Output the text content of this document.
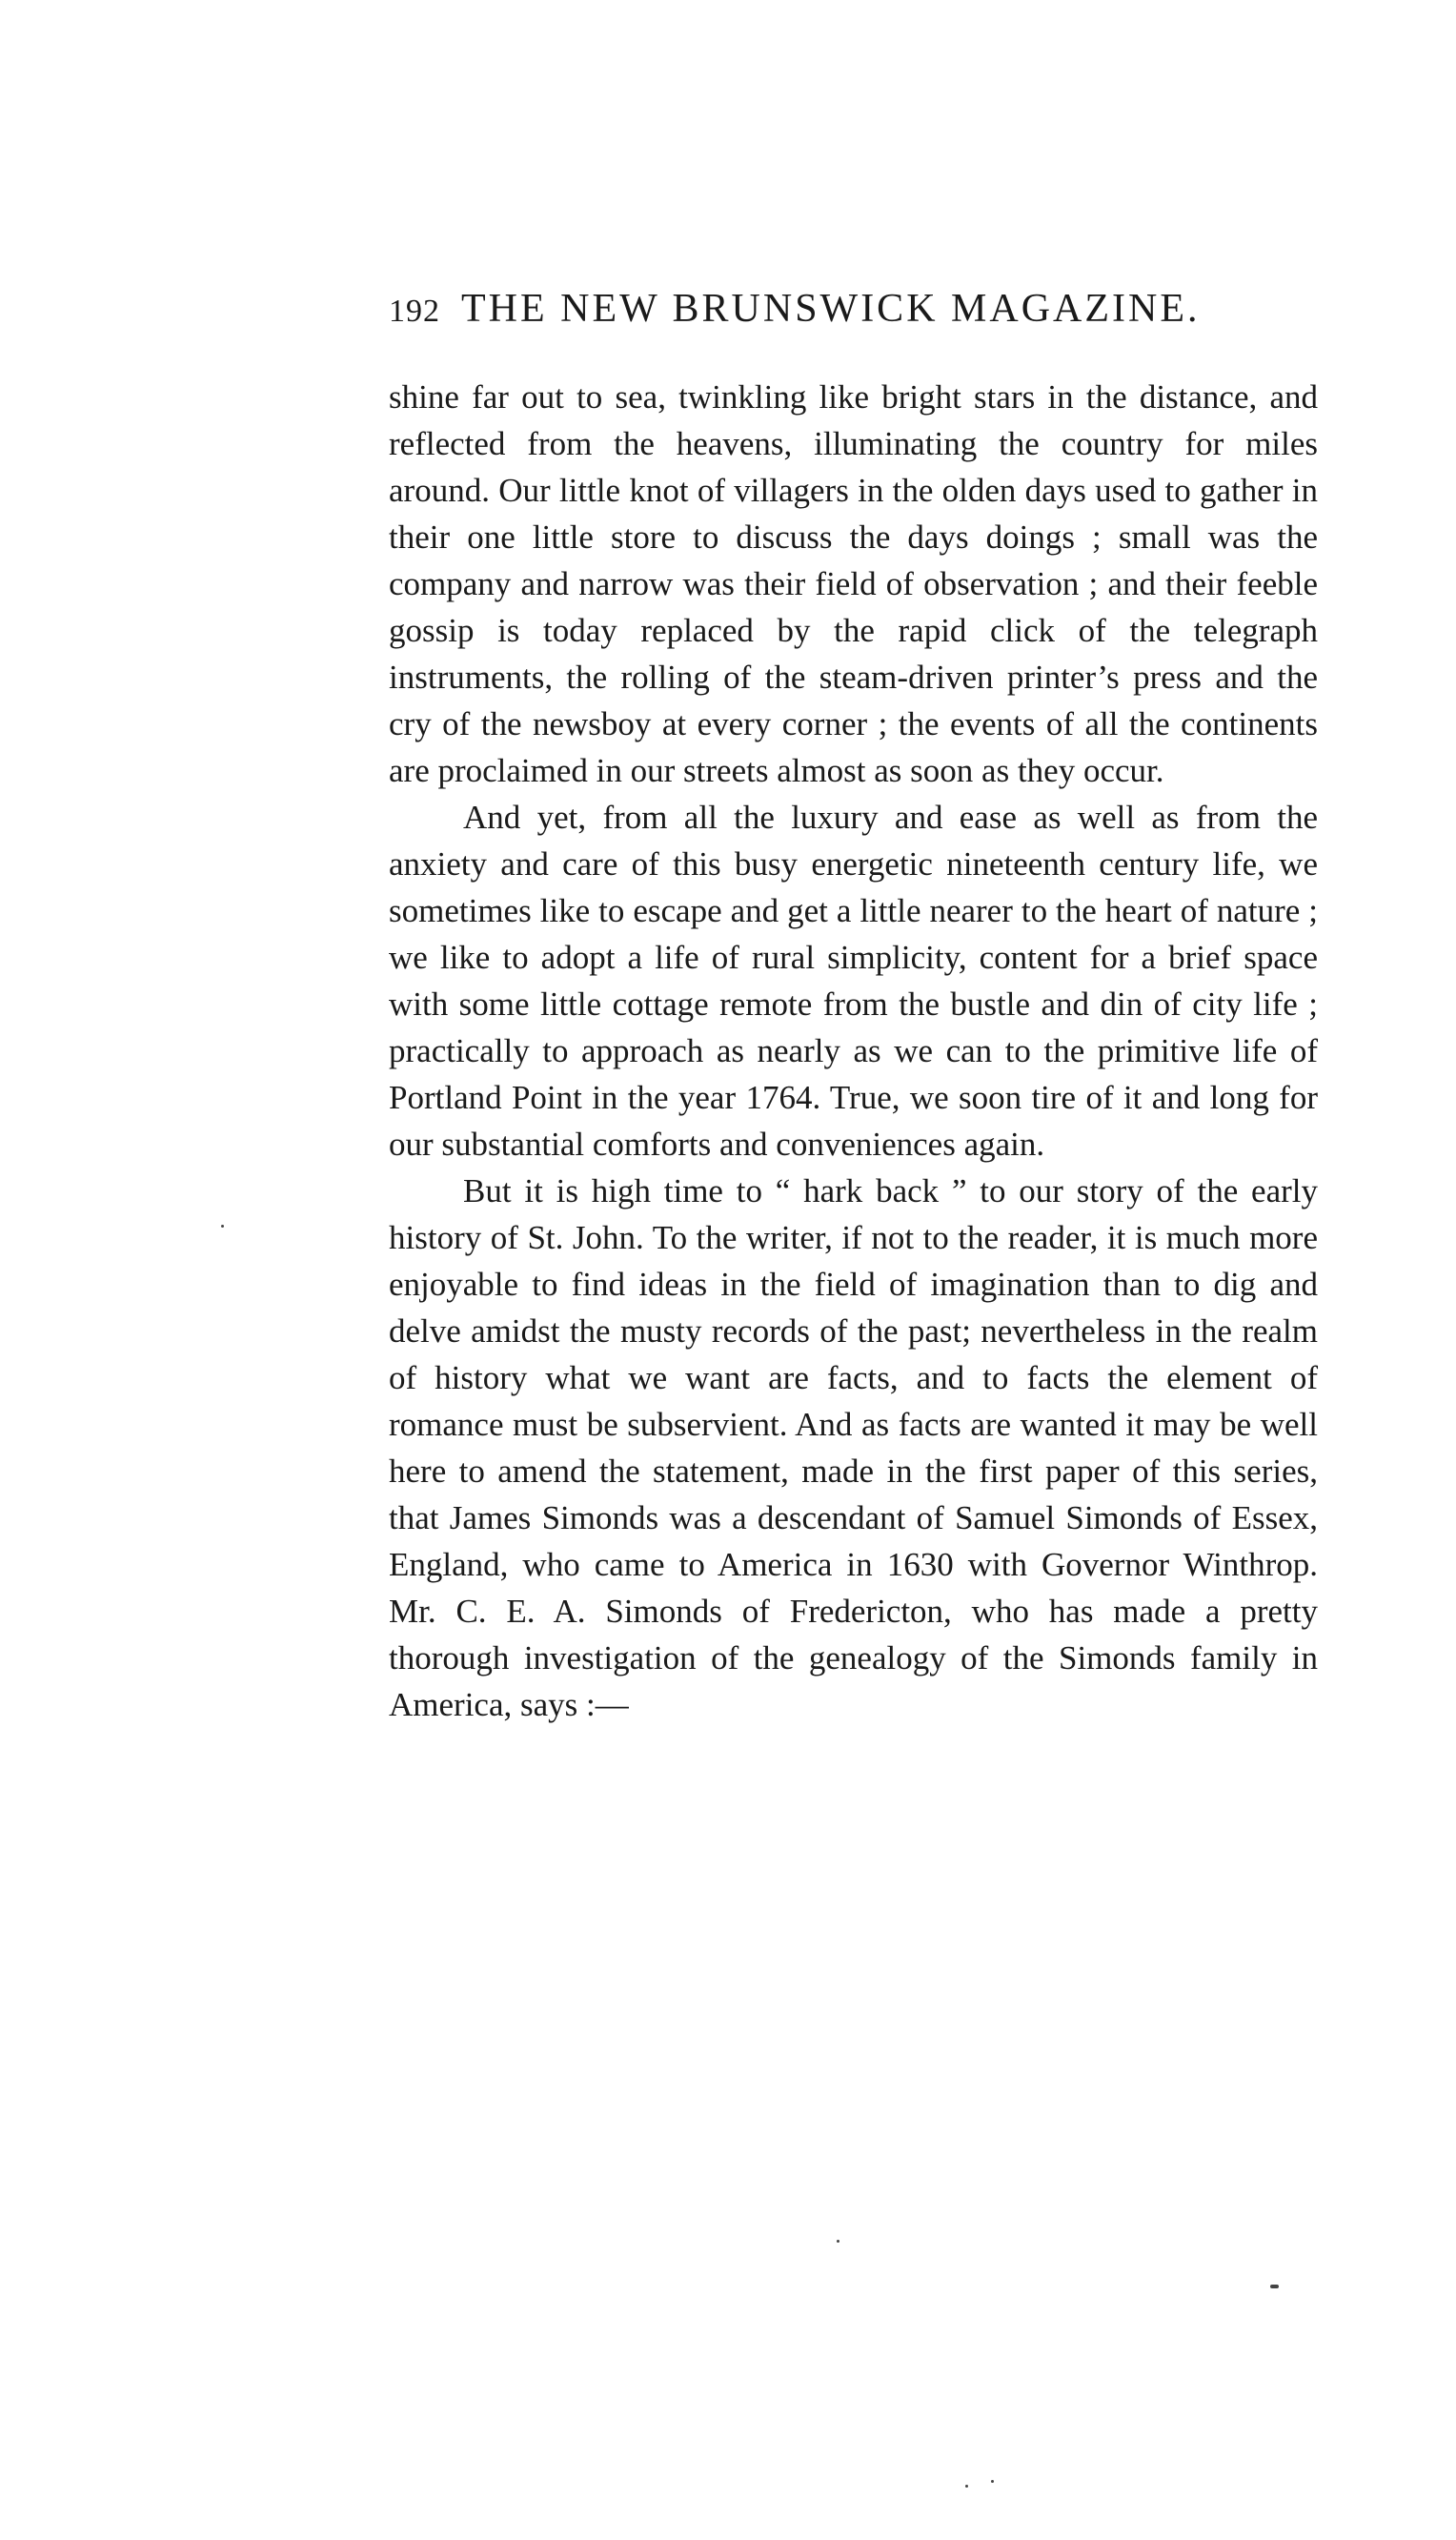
192 THE NEW BRUNSWICK MAGAZINE.

shine far out to sea, twinkling like bright stars in the distance, and reflected from the heavens, illuminating the country for miles around. Our little knot of villagers in the olden days used to gather in their one little store to discuss the days doings ; small was the company and narrow was their field of observation ; and their feeble gossip is today replaced by the rapid click of the telegraph instruments, the rolling of the steam-driven printer’s press and the cry of the newsboy at every corner ; the events of all the continents are proclaimed in our streets almost as soon as they occur.

And yet, from all the luxury and ease as well as from the anxiety and care of this busy energetic nineteenth century life, we sometimes like to escape and get a little nearer to the heart of nature ; we like to adopt a life of rural simplicity, content for a brief space with some little cottage remote from the bustle and din of city life ; practically to approach as nearly as we can to the primitive life of Portland Point in the year 1764. True, we soon tire of it and long for our substantial comforts and conveniences again.

But it is high time to “ hark back ” to our story of the early history of St. John. To the writer, if not to the reader, it is much more enjoyable to find ideas in the field of imagination than to dig and delve amidst the musty records of the past; nevertheless in the realm of history what we want are facts, and to facts the element of romance must be subservient. And as facts are wanted it may be well here to amend the statement, made in the first paper of this series, that James Simonds was a descendant of Samuel Simonds of Essex, England, who came to America in 1630 with Governor Winthrop. Mr. C. E. A. Simonds of Fredericton, who has made a pretty thorough investigation of the genealogy of the Simonds family in America, says :—
